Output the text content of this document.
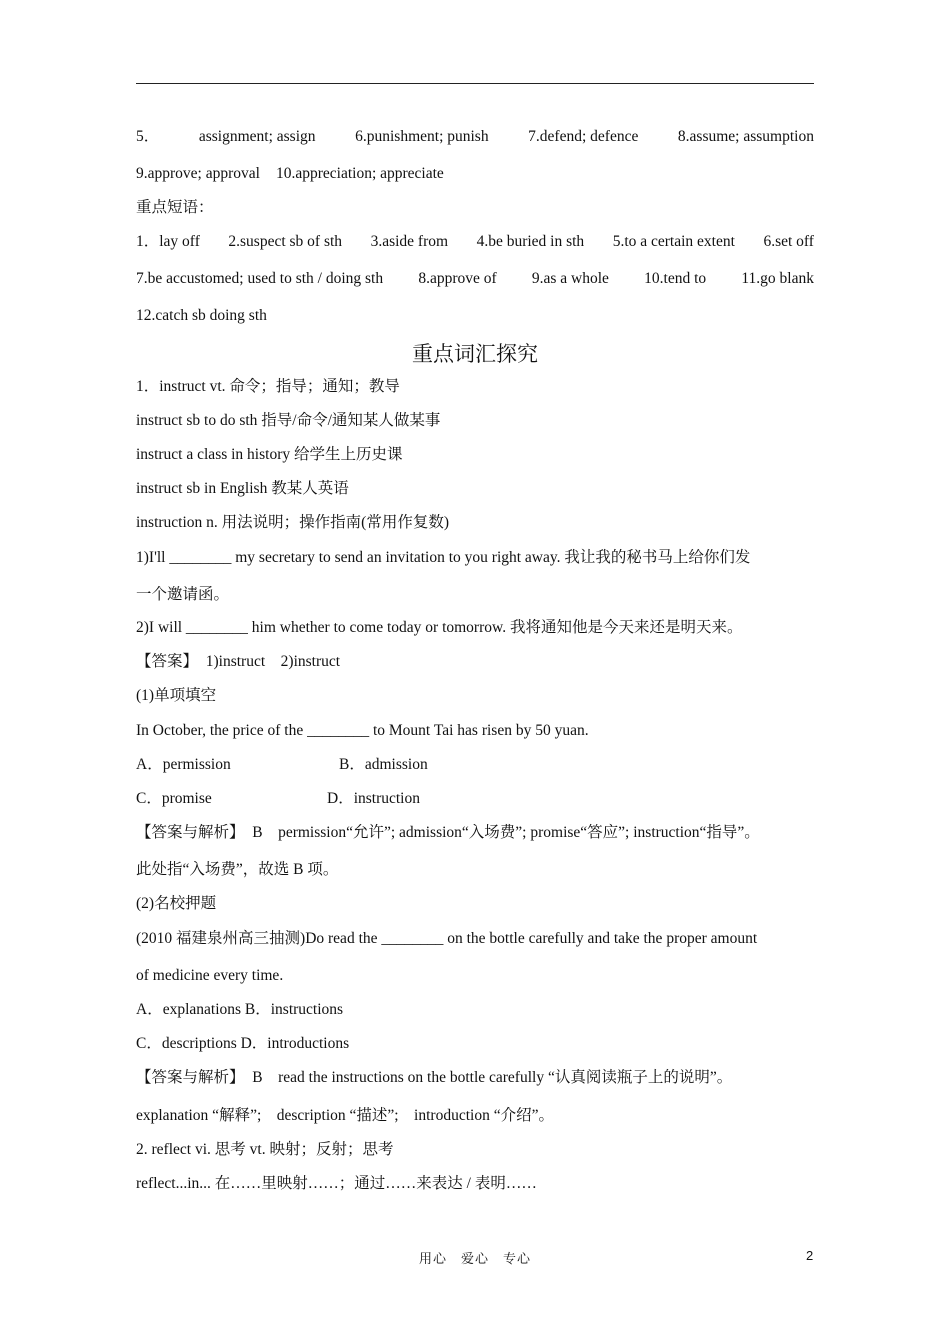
5．	assignment; assign	6.punishment; punish	7.defend; defence	8.assume; assumption
9.approve; approval 10.appreciation; appreciate
重点短语：
1．lay off 2.suspect sb of sth 3.aside from 4.be buried in sth 5.to a certain extent 6.set off
7.be accustomed; used to sth / doing sth 8.approve of 9.as a whole 10.tend to 11.go blank
12.catch sb doing sth
重点词汇探究
1．instruct vt. 命令；指导；通知；教导
instruct sb to do sth 指导/命令/通知某人做某事
instruct a class in history 给学生上历史课
instruct sb in English 教某人英语
instruction n. 用法说明；操作指南(常用作复数)
1)I'll ________ my secretary to send an invitation to you right away. 我让我的秘书马上给你们发
一个邀请函。
2)I will ________ him whether to come today or tomorrow. 我将通知他是今天来还是明天来。
【答案】　1)instruct　2)instruct
(1)单项填空
In October, the price of the ________ to Mount Tai has risen by 50 yuan.
A．permission	B．admission
C．promise	D．instruction
【答案与解析】　B　permission“允许”; admission“入场费”; promise“答应”; instruction“指导”。
此处指“入场费”，故选 B 项。
(2)名校押题
(2010 福建泉州高三抽测)Do read the ________ on the bottle carefully and take the proper amount
of medicine every time.
A．explanations B．instructions
C．descriptions D．introductions
【答案与解析】　B　read the instructions on the bottle carefully “认真阅读瓶子上的说明”。
explanation “解释”;　description “描述”;　introduction “介绍”。
2. reflect vi. 思考 vt. 映射；反射；思考
reflect...in... 在……里映射……；通过……来表达 / 表明……
用心　爱心　专心	2
